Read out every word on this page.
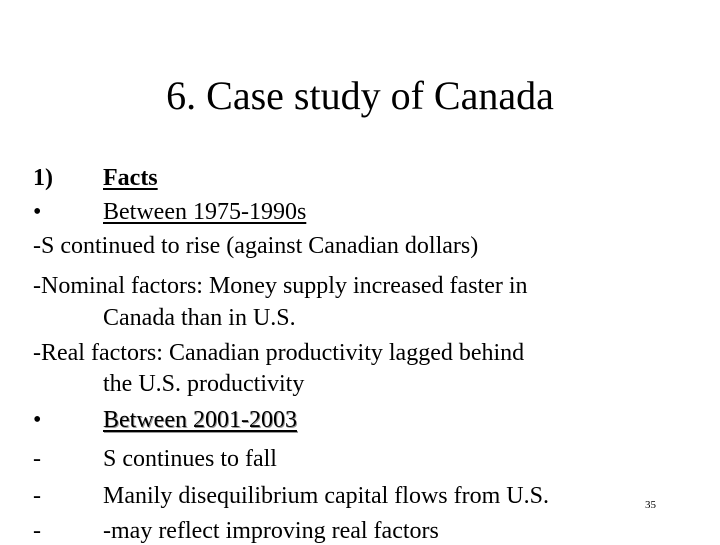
6. Case study of Canada
1) Facts
•	Between 1975-1990s
-S continued to rise (against Canadian dollars)
-Nominal factors: Money supply increased faster in
Canada than in U.S.
-Real factors: Canadian productivity lagged behind
the U.S. productivity
•	Between 2001-2003
-	S continues to fall
-	Manily disequilibrium capital flows from U.S.
-	-may reflect improving real factors
35
